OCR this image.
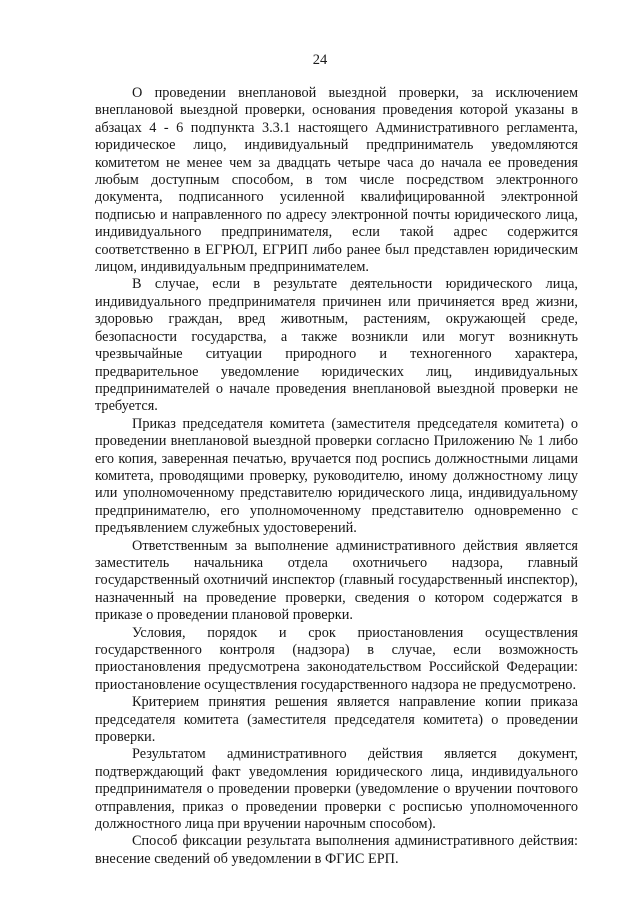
24

О проведении внеплановой выездной проверки, за исключением внеплановой выездной проверки, основания проведения которой указаны в абзацах 4 - 6 подпункта 3.3.1 настоящего Административного регламента, юридическое лицо, индивидуальный предприниматель уведомляются комитетом не менее чем за двадцать четыре часа до начала ее проведения любым доступным способом, в том числе посредством электронного документа, подписанного усиленной квалифицированной электронной подписью и направленного по адресу электронной почты юридического лица, индивидуального предпринимателя, если такой адрес содержится соответственно в ЕГРЮЛ, ЕГРИП либо ранее был представлен юридическим лицом, индивидуальным предпринимателем.

В случае, если в результате деятельности юридического лица, индивидуального предпринимателя причинен или причиняется вред жизни, здоровью граждан, вред животным, растениям, окружающей среде, безопасности государства, а также возникли или могут возникнуть чрезвычайные ситуации природного и техногенного характера, предварительное уведомление юридических лиц, индивидуальных предпринимателей о начале проведения внеплановой выездной проверки не требуется.

Приказ председателя комитета (заместителя председателя комитета) о проведении внеплановой выездной проверки согласно Приложению № 1 либо его копия, заверенная печатью, вручается под роспись должностными лицами комитета, проводящими проверку, руководителю, иному должностному лицу или уполномоченному представителю юридического лица, индивидуальному предпринимателю, его уполномоченному представителю одновременно с предъявлением служебных удостоверений.

Ответственным за выполнение административного действия является заместитель начальника отдела охотничьего надзора, главный государственный охотничий инспектор (главный государственный инспектор), назначенный на проведение проверки, сведения о котором содержатся в приказе о проведении плановой проверки.

Условия, порядок и срок приостановления осуществления государственного контроля (надзора) в случае, если возможность приостановления предусмотрена законодательством Российской Федерации: приостановление осуществления государственного надзора не предусмотрено.

Критерием принятия решения является направление копии приказа председателя комитета (заместителя председателя комитета) о проведении проверки.

Результатом административного действия является документ, подтверждающий факт уведомления юридического лица, индивидуального предпринимателя о проведении проверки (уведомление о вручении почтового отправления, приказ о проведении проверки с росписью уполномоченного должностного лица при вручении нарочным способом).

Способ фиксации результата выполнения административного действия: внесение сведений об уведомлении в ФГИС ЕРП.
